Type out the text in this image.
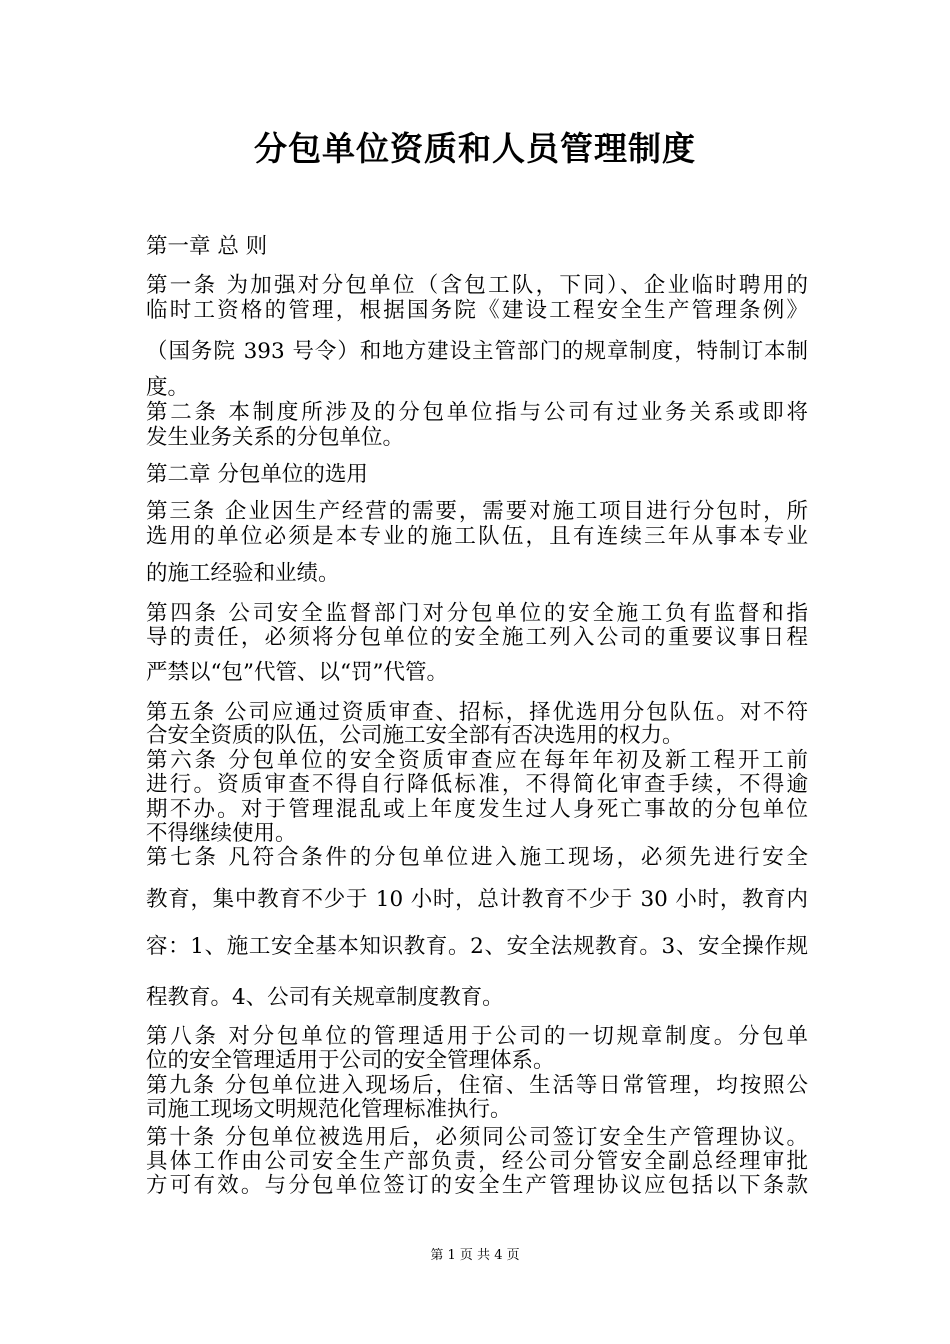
分包单位资质和人员管理制度
第一章 总 则
第一条 为加强对分包单位（含包工队，下同）、企业临时聘用的
临时工资格的管理，根据国务院《建设工程安全生产管理条例》
（国务院 393 号令）和地方建设主管部门的规章制度，特制订本制
度。
第二条 本制度所涉及的分包单位指与公司有过业务关系或即将
发生业务关系的分包单位。
第二章 分包单位的选用
第三条 企业因生产经营的需要，需要对施工项目进行分包时，所
选用的单位必须是本专业的施工队伍，且有连续三年从事本专业
的施工经验和业绩。
第四条 公司安全监督部门对分包单位的安全施工负有监督和指
导的责任，必须将分包单位的安全施工列入公司的重要议事日程
严禁以“包”代管、以“罚”代管。
第五条 公司应通过资质审查、招标，择优选用分包队伍。对不符
合安全资质的队伍，公司施工安全部有否决选用的权力。
第六条 分包单位的安全资质审查应在每年年初及新工程开工前
进行。资质审查不得自行降低标准，不得简化审查手续，不得逾
期不办。对于管理混乱或上年度发生过人身死亡事故的分包单位
不得继续使用。
第七条 凡符合条件的分包单位进入施工现场，必须先进行安全
教育，集中教育不少于 10 小时，总计教育不少于 30 小时，教育内
容：1、施工安全基本知识教育。2、安全法规教育。3、安全操作规
程教育。4、公司有关规章制度教育。
第八条 对分包单位的管理适用于公司的一切规章制度。分包单
位的安全管理适用于公司的安全管理体系。
第九条 分包单位进入现场后，住宿、生活等日常管理，均按照公
司施工现场文明规范化管理标准执行。
第十条 分包单位被选用后，必须同公司签订安全生产管理协议。
具体工作由公司安全生产部负责，经公司分管安全副总经理审批
方可有效。与分包单位签订的安全生产管理协议应包括以下条款
第 1 页 共 4 页
